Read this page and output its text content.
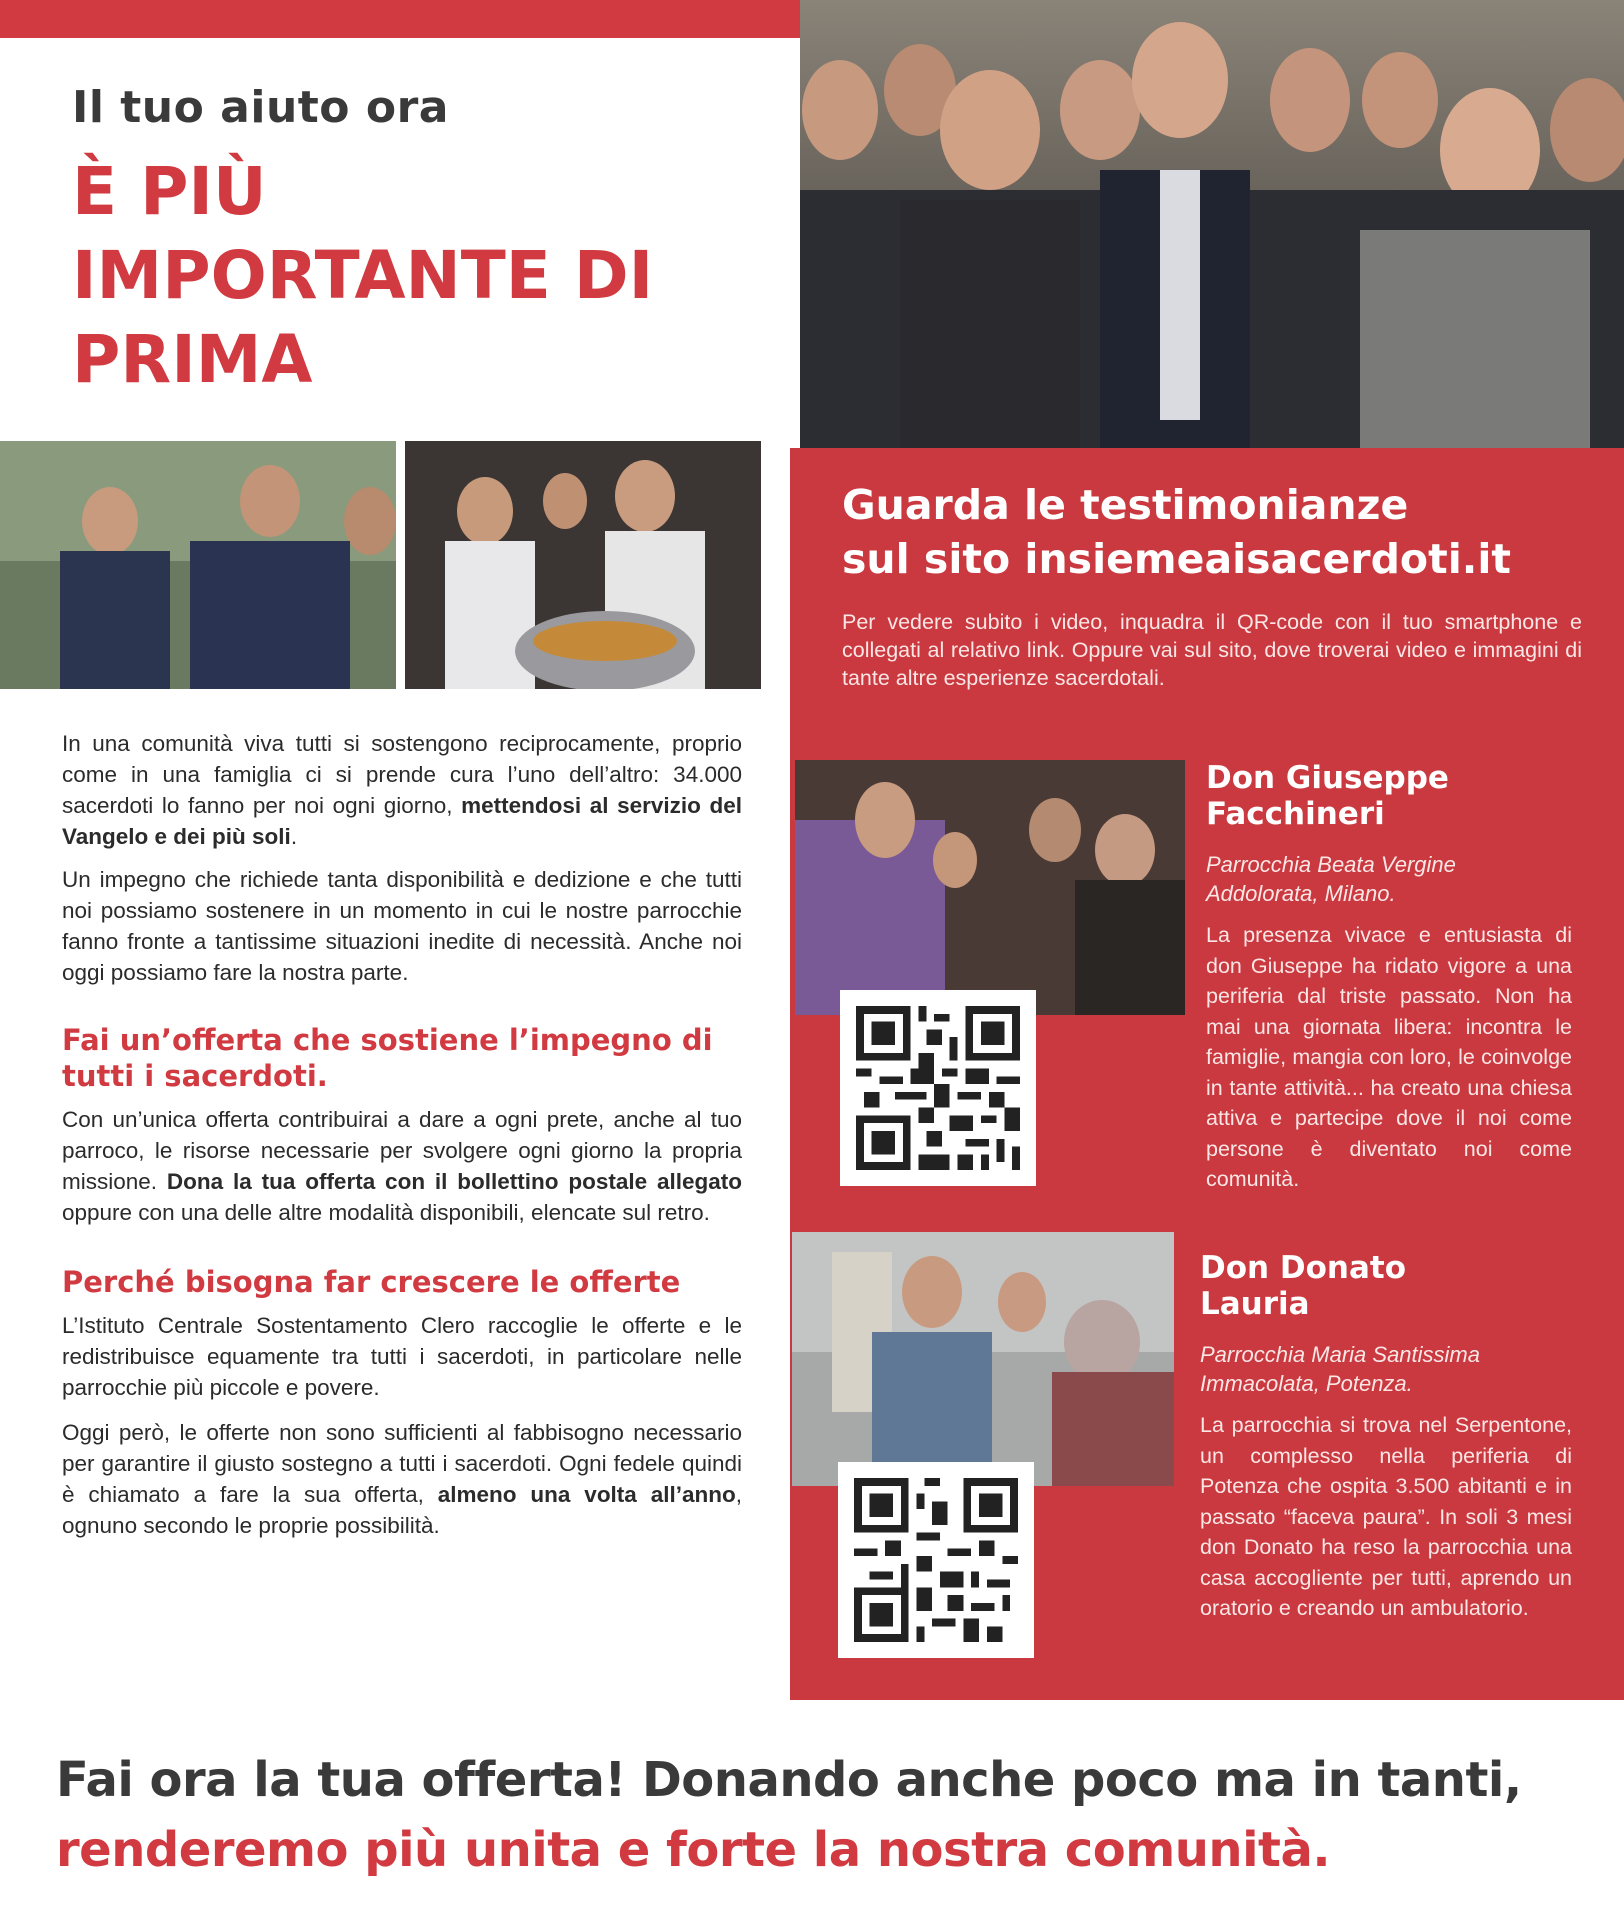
Il tuo aiuto ora
È PIÙ IMPORTANTE DI PRIMA

In una comunità viva tutti si sostengono reciprocamente, proprio come in una famiglia ci si prende cura l’uno dell’altro: 34.000 sacerdoti lo fanno per noi ogni giorno, mettendosi al servizio del Vangelo e dei più soli.

Un impegno che richiede tanta disponibilità e dedizione e che tutti noi possiamo sostenere in un momento in cui le nostre parrocchie fanno fronte a tantissime situazioni inedite di necessità. Anche noi oggi possiamo fare la nostra parte.

Fai un’offerta che sostiene l’impegno di tutti i sacerdoti.

Con un’unica offerta contribuirai a dare a ogni prete, anche al tuo parroco, le risorse necessarie per svolgere ogni giorno la propria missione. Dona la tua offerta con il bollettino postale allegato oppure con una delle altre modalità disponibili, elencate sul retro.

Perché bisogna far crescere le offerte

L’Istituto Centrale Sostentamento Clero raccoglie le offerte e le redistribuisce equamente tra tutti i sacerdoti, in particolare nelle parrocchie più piccole e povere.

Oggi però, le offerte non sono sufficienti al fabbisogno necessario per garantire il giusto sostegno a tutti i sacerdoti. Ogni fedele quindi è chiamato a fare la sua offerta, almeno una volta all’anno, ognuno secondo le proprie possibilità.

Guarda le testimonianze
sul sito insiemeaisacerdoti.it
Per vedere subito i video, inquadra il QR-code con il tuo smartphone e collegati al relativo link. Oppure vai sul sito, dove troverai video e immagini di tante altre esperienze sacerdotali.
Don Giuseppe
Facchineri
Parrocchia Beata Vergine
Addolorata, Milano.
La presenza vivace e entusiasta di don Giuseppe ha ridato vigore a una periferia dal triste passato. Non ha mai una giornata libera: incontra le famiglie, mangia con loro, le coinvolge in tante attività... ha creato una chiesa attiva e partecipe dove il noi come persone è diventato noi come comunità.
Don Donato
Lauria
Parrocchia Maria Santissima
Immacolata, Potenza.
La parrocchia si trova nel Serpentone, un complesso nella periferia di Potenza che ospita 3.500 abitanti e in passato “faceva paura”. In soli 3 mesi don Donato ha reso la parrocchia una casa accogliente per tutti, aprendo un oratorio e creando un ambulatorio.
Fai ora la tua offerta! Donando anche poco ma in tanti,
renderemo più unita e forte la nostra comunità.
